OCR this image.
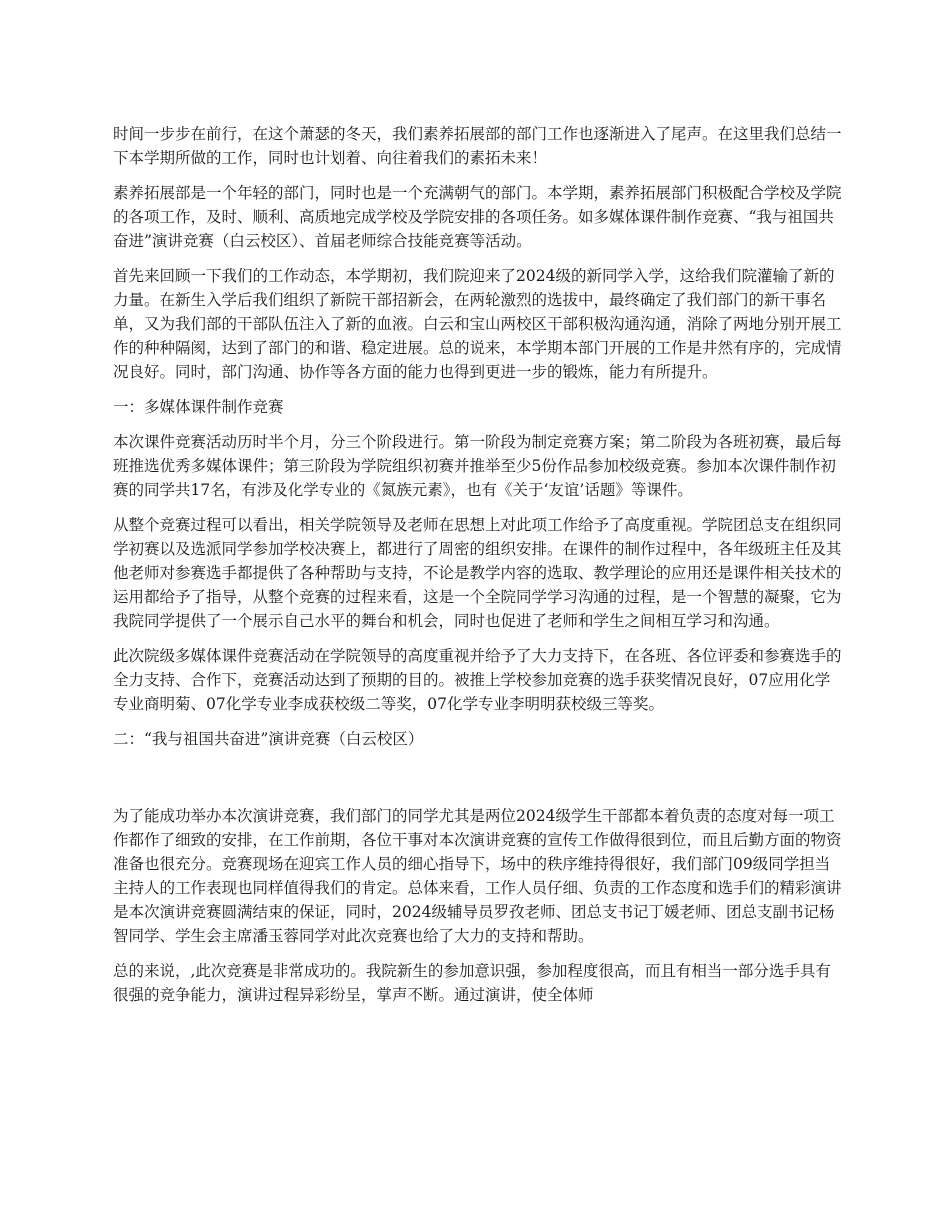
时间一步步在前行，在这个萧瑟的冬天，我们素养拓展部的部门工作也逐渐进入了尾声。在这里我们总结一下本学期所做的工作，同时也计划着、向往着我们的素拓未来！

素养拓展部是一个年轻的部门，同时也是一个充满朝气的部门。本学期，素养拓展部门积极配合学校及学院的各项工作，及时、顺利、高质地完成学校及学院安排的各项任务。如多媒体课件制作竞赛、“我与祖国共奋进”演讲竞赛（白云校区）、首届老师综合技能竞赛等活动。

首先来回顾一下我们的工作动态，本学期初，我们院迎来了2024级的新同学入学，这给我们院灌输了新的力量。在新生入学后我们组织了新院干部招新会，在两轮激烈的选拔中，最终确定了我们部门的新干事名单，又为我们部的干部队伍注入了新的血液。白云和宝山两校区干部积极沟通沟通，消除了两地分别开展工作的种种隔阂，达到了部门的和谐、稳定进展。总的说来，本学期本部门开展的工作是井然有序的，完成情况良好。同时，部门沟通、协作等各方面的能力也得到更进一步的锻炼，能力有所提升。

一：多媒体课件制作竞赛

本次课件竞赛活动历时半个月，分三个阶段进行。第一阶段为制定竞赛方案；第二阶段为各班初赛，最后每班推选优秀多媒体课件；第三阶段为学院组织初赛并推举至少5份作品参加校级竞赛。参加本次课件制作初赛的同学共17名，有涉及化学专业的《氮族元素》，也有《关于‘友谊’话题》等课件。

从整个竞赛过程可以看出，相关学院领导及老师在思想上对此项工作给予了高度重视。学院团总支在组织同学初赛以及选派同学参加学校决赛上，都进行了周密的组织安排。在课件的制作过程中，各年级班主任及其他老师对参赛选手都提供了各种帮助与支持，不论是教学内容的选取、教学理论的应用还是课件相关技术的运用都给予了指导，从整个竞赛的过程来看，这是一个全院同学学习沟通的过程，是一个智慧的凝聚，它为我院同学提供了一个展示自己水平的舞台和机会，同时也促进了老师和学生之间相互学习和沟通。

此次院级多媒体课件竞赛活动在学院领导的高度重视并给予了大力支持下，在各班、各位评委和参赛选手的全力支持、合作下，竞赛活动达到了预期的目的。被推上学校参加竞赛的选手获奖情况良好，07应用化学专业商明菊、07化学专业李成获校级二等奖，07化学专业李明明获校级三等奖。

二：“我与祖国共奋进”演讲竞赛（白云校区）

为了能成功举办本次演讲竞赛，我们部门的同学尤其是两位2024级学生干部都本着负责的态度对每一项工作都作了细致的安排，在工作前期，各位干事对本次演讲竞赛的宣传工作做得很到位，而且后勤方面的物资准备也很充分。竞赛现场在迎宾工作人员的细心指导下，场中的秩序维持得很好，我们部门09级同学担当主持人的工作表现也同样值得我们的肯定。总体来看，工作人员仔细、负责的工作态度和选手们的精彩演讲是本次演讲竞赛圆满结束的保证，同时，2024级辅导员罗孜老师、团总支书记丁媛老师、团总支副书记杨智同学、学生会主席潘玉蓉同学对此次竞赛也给了大力的支持和帮助。

总的来说，,此次竞赛是非常成功的。我院新生的参加意识强，参加程度很高，而且有相当一部分选手具有很强的竞争能力，演讲过程异彩纷呈，掌声不断。通过演讲，使全体师
